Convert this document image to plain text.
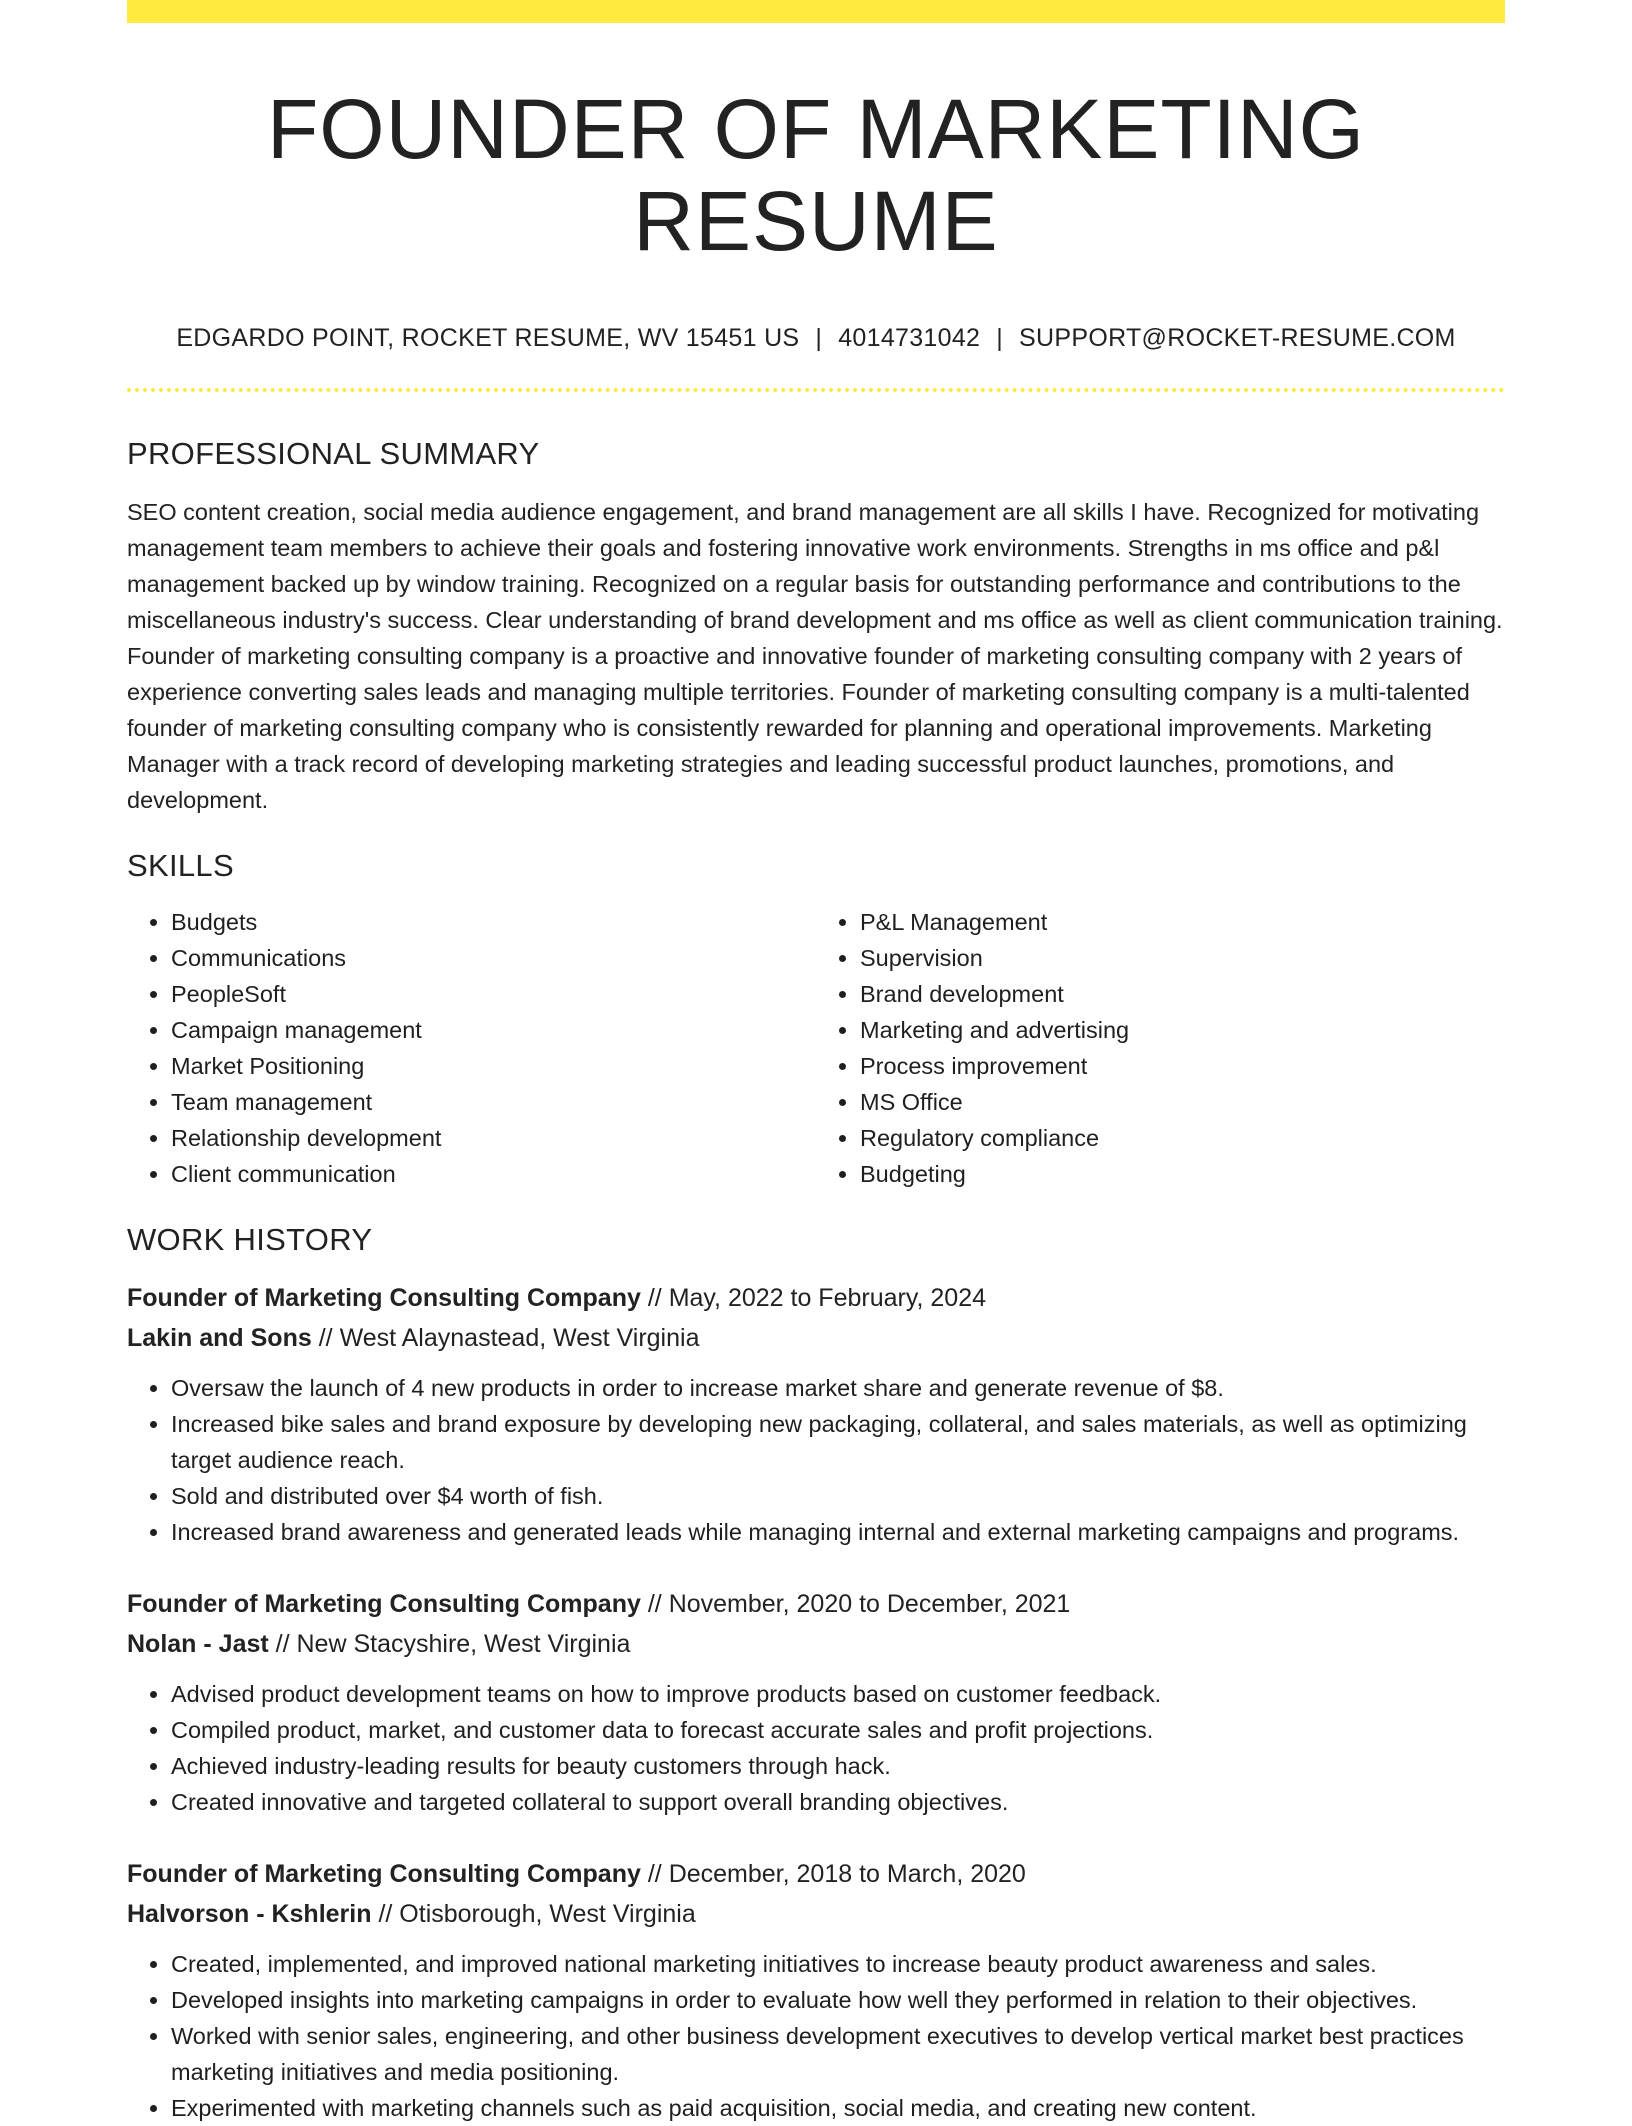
FOUNDER OF MARKETING RESUME
EDGARDO POINT, ROCKET RESUME, WV 15451 US | 4014731042 | SUPPORT@ROCKET-RESUME.COM
PROFESSIONAL SUMMARY

SEO content creation, social media audience engagement, and brand management are all skills I have. Recognized for motivating management team members to achieve their goals and fostering innovative work environments. Strengths in ms office and p&l management backed up by window training. Recognized on a regular basis for outstanding performance and contributions to the miscellaneous industry's success. Clear understanding of brand development and ms office as well as client communication training. Founder of marketing consulting company is a proactive and innovative founder of marketing consulting company with 2 years of experience converting sales leads and managing multiple territories. Founder of marketing consulting company is a multi-talented founder of marketing consulting company who is consistently rewarded for planning and operational improvements. Marketing Manager with a track record of developing marketing strategies and leading successful product launches, promotions, and development.

SKILLS
• Budgets
• Communications
• PeopleSoft
• Campaign management
• Market Positioning
• Team management
• Relationship development
• Client communication
• P&L Management
• Supervision
• Brand development
• Marketing and advertising
• Process improvement
• MS Office
• Regulatory compliance
• Budgeting
WORK HISTORY
Founder of Marketing Consulting Company // May, 2022 to February, 2024
Lakin and Sons // West Alaynastead, West Virginia
• Oversaw the launch of 4 new products in order to increase market share and generate revenue of $8.
• Increased bike sales and brand exposure by developing new packaging, collateral, and sales materials, as well as optimizing target audience reach.
• Sold and distributed over $4 worth of fish.
• Increased brand awareness and generated leads while managing internal and external marketing campaigns and programs.
Founder of Marketing Consulting Company // November, 2020 to December, 2021
Nolan - Jast // New Stacyshire, West Virginia
• Advised product development teams on how to improve products based on customer feedback.
• Compiled product, market, and customer data to forecast accurate sales and profit projections.
• Achieved industry-leading results for beauty customers through hack.
• Created innovative and targeted collateral to support overall branding objectives.
Founder of Marketing Consulting Company // December, 2018 to March, 2020
Halvorson - Kshlerin // Otisborough, West Virginia
• Created, implemented, and improved national marketing initiatives to increase beauty product awareness and sales.
• Developed insights into marketing campaigns in order to evaluate how well they performed in relation to their objectives.
• Worked with senior sales, engineering, and other business development executives to develop vertical market best practices marketing initiatives and media positioning.
• Experimented with marketing channels such as paid acquisition, social media, and creating new content.
